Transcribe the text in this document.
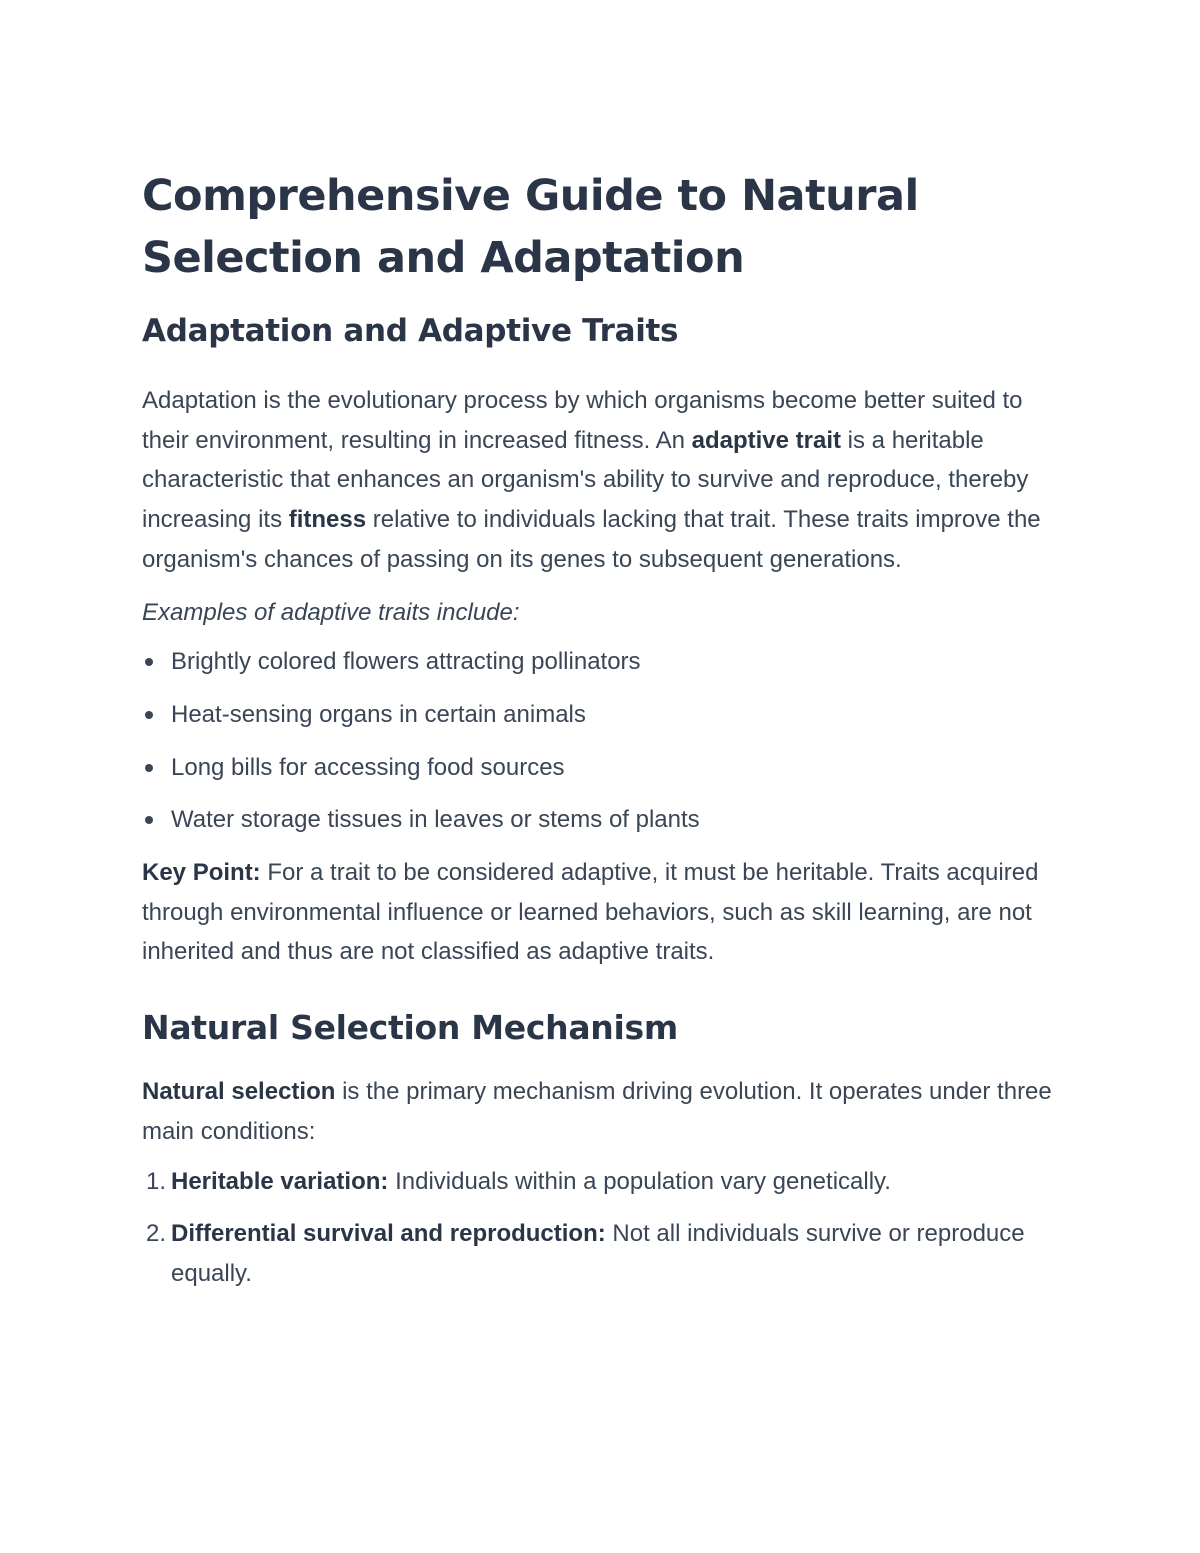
Comprehensive Guide to Natural Selection and Adaptation
Adaptation and Adaptive Traits

Adaptation is the evolutionary process by which organisms become better suited to their environment, resulting in increased fitness. An adaptive trait is a heritable characteristic that enhances an organism's ability to survive and reproduce, thereby increasing its fitness relative to individuals lacking that trait. These traits improve the organism's chances of passing on its genes to subsequent generations.

Examples of adaptive traits include:

Brightly colored flowers attracting pollinators
Heat-sensing organs in certain animals
Long bills for accessing food sources
Water storage tissues in leaves or stems of plants

Key Point: For a trait to be considered adaptive, it must be heritable. Traits acquired through environmental influence or learned behaviors, such as skill learning, are not inherited and thus are not classified as adaptive traits.

Natural Selection Mechanism

Natural selection is the primary mechanism driving evolution. It operates under three main conditions:

1. Heritable variation: Individuals within a population vary genetically.
2. Differential survival and reproduction: Not all individuals survive or reproduce equally.
